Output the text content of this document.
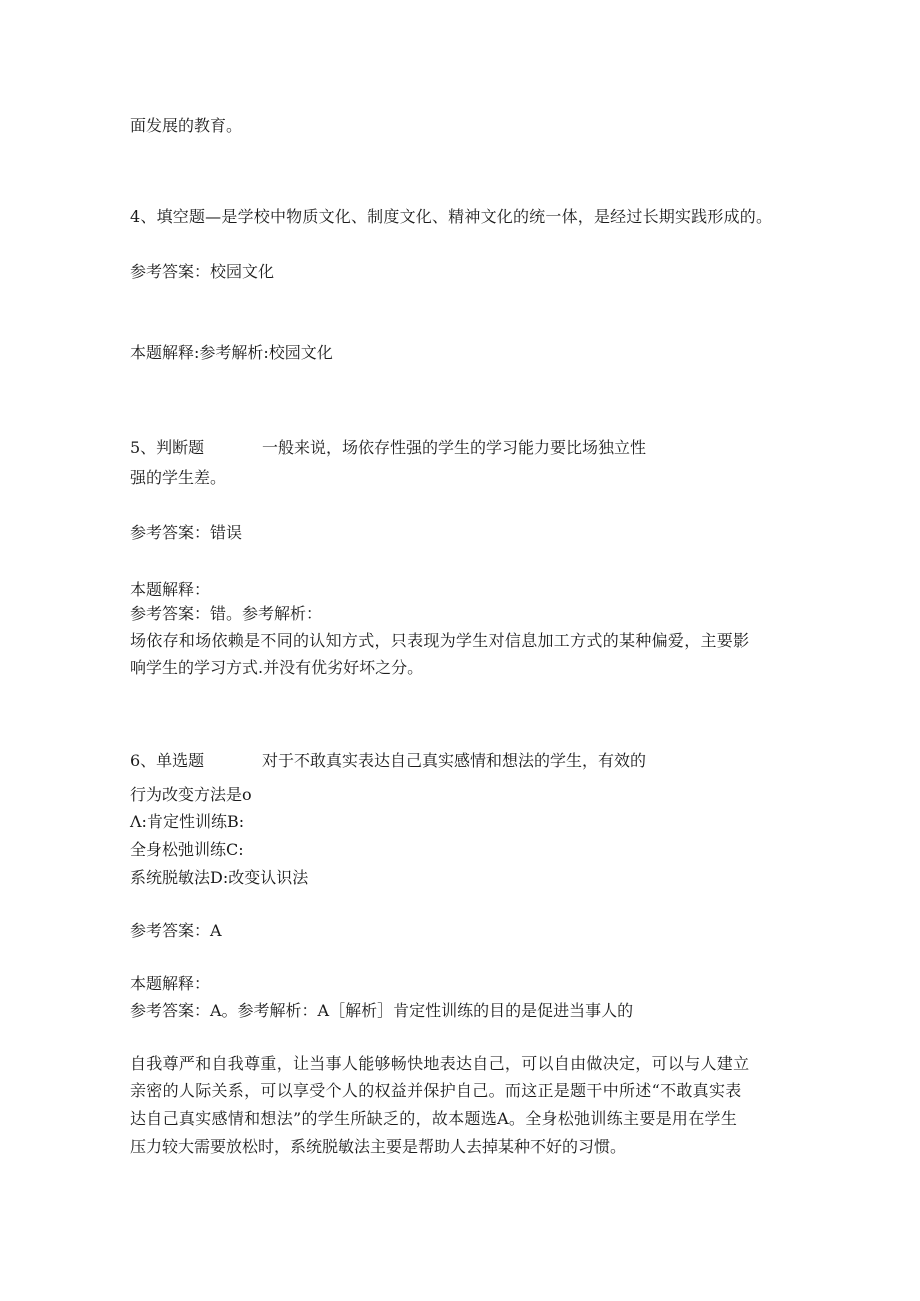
面发展的教育。
4、填空题—是学校中物质文化、制度文化、精神文化的统一体，是经过长期实践形成的。
参考答案：校园文化
本题解释:参考解析:校园文化
5、判断题	一般来说，场依存性强的学生的学习能力要比场独立性
强的学生差。
参考答案：错误
本题解释：
参考答案：错。参考解析：
场依存和场依赖是不同的认知方式，只表现为学生对信息加工方式的某种偏爱，主要影
响学生的学习方式.并没有优劣好坏之分。
6、单选题	对于不敢真实表达自己真实感情和想法的学生，有效的
行为改变方法是o
Λ:肯定性训练B:
全身松弛训练C:
系统脱敏法D:改变认识法
参考答案：A
本题解释：
参考答案：A。参考解析：A［解析］肯定性训练的目的是促进当事人的
自我尊严和自我尊重，让当事人能够畅快地表达自己，可以自由做决定，可以与人建立
亲密的人际关系，可以享受个人的权益并保护自己。而这正是题干中所述“不敢真实表
达自己真实感情和想法”的学生所缺乏的，故本题选A。全身松弛训练主要是用在学生
压力较大需要放松时，系统脱敏法主要是帮助人去掉某种不好的习惯。
